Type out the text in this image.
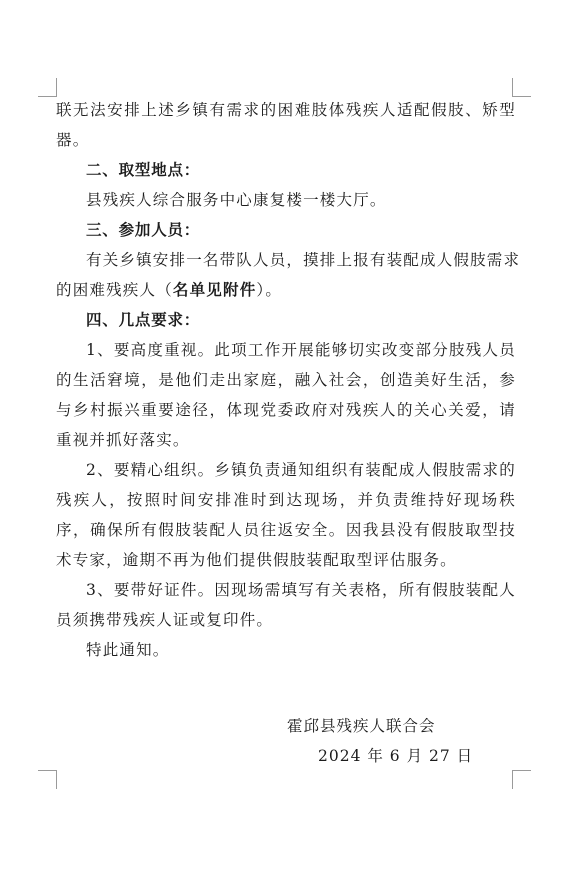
联无法安排上述乡镇有需求的困难肢体残疾人适配假肢、矫型
器。
二、取型地点：
县残疾人综合服务中心康复楼一楼大厅。
三、参加人员：
有关乡镇安排一名带队人员，摸排上报有装配成人假肢需求
的困难残疾人（名单见附件）。
四、几点要求：
1、要高度重视。此项工作开展能够切实改变部分肢残人员
的生活窘境，是他们走出家庭，融入社会，创造美好生活，参
与乡村振兴重要途径，体现党委政府对残疾人的关心关爱，请
重视并抓好落实。
2、要精心组织。乡镇负责通知组织有装配成人假肢需求的
残疾人，按照时间安排准时到达现场，并负责维持好现场秩
序，确保所有假肢装配人员往返安全。因我县没有假肢取型技
术专家，逾期不再为他们提供假肢装配取型评估服务。
3、要带好证件。因现场需填写有关表格，所有假肢装配人
员须携带残疾人证或复印件。
特此通知。
霍邱县残疾人联合会
2024 年 6 月 27 日
